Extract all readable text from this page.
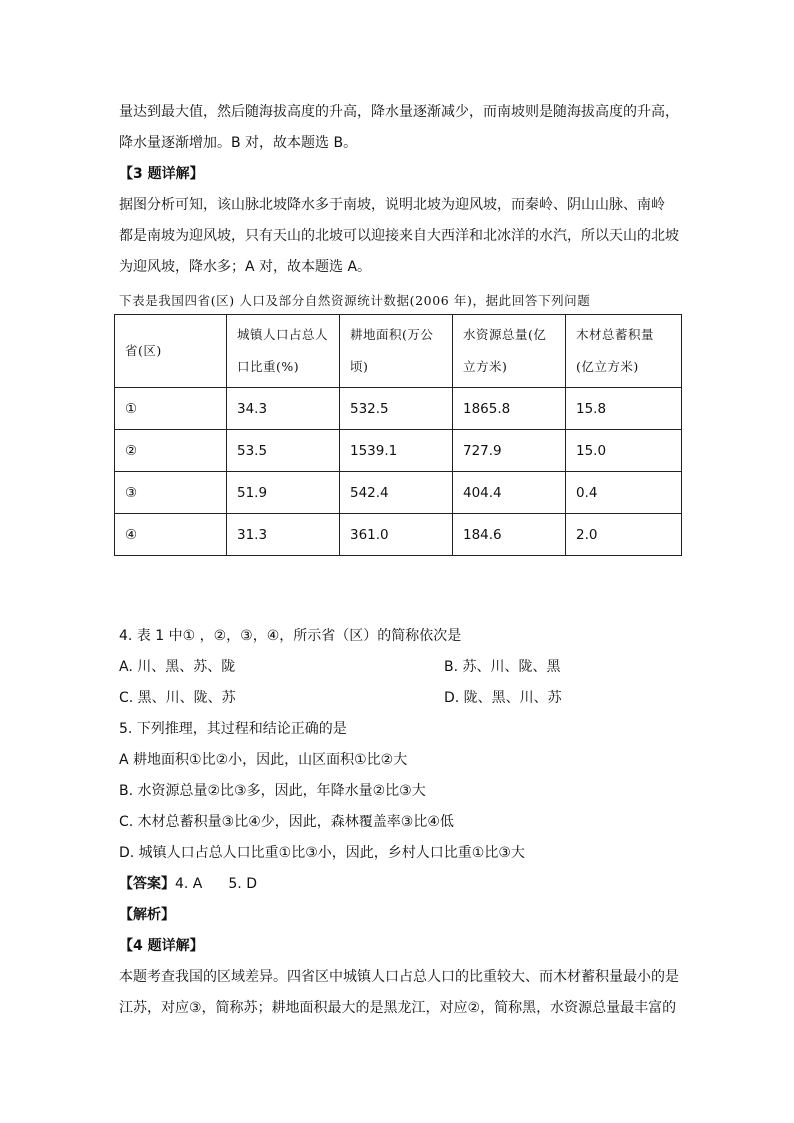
量达到最大值，然后随海拔高度的升高，降水量逐渐减少，而南坡则是随海拔高度的升高，
降水量逐渐增加。B 对，故本题选 B。
【3 题详解】
据图分析可知，该山脉北坡降水多于南坡，说明北坡为迎风坡，而秦岭、阴山山脉、南岭
都是南坡为迎风坡，只有天山的北坡可以迎接来自大西洋和北冰洋的水汽，所以天山的北坡
为迎风坡，降水多；A 对，故本题选 A。
下表是我国四省(区) 人口及部分自然资源统计数据(2006 年)，据此回答下列问题
省(区)	城镇人口占总人口比重(%)	耕地面积(万公顷)	水资源总量(亿立方米)	木材总蓄积量(亿立方米)
①	34.3	532.5	1865.8	15.8
②	53.5	1539.1	727.9	15.0
③	51.9	542.4	404.4	0.4
④	31.3	361.0	184.6	2.0
4. 表 1 中① ，②，③，④，所示省（区）的简称依次是
A. 川、黑、苏、陇	B. 苏、川、陇、黑
C. 黑、川、陇、苏	D. 陇、黑、川、苏
5. 下列推理，其过程和结论正确的是
A 耕地面积①比②小，因此，山区面积①比②大
B. 水资源总量②比③多，因此，年降水量②比③大
C. 木材总蓄积量③比④少，因此，森林覆盖率③比④低
D. 城镇人口占总人口比重①比③小，因此，乡村人口比重①比③大
【答案】4. A 5. D
【解析】
【4 题详解】
本题考查我国的区域差异。四省区中城镇人口占总人口的比重较大、而木材蓄积量最小的是
江苏，对应③，简称苏；耕地面积最大的是黑龙江，对应②，简称黑，水资源总量最丰富的
